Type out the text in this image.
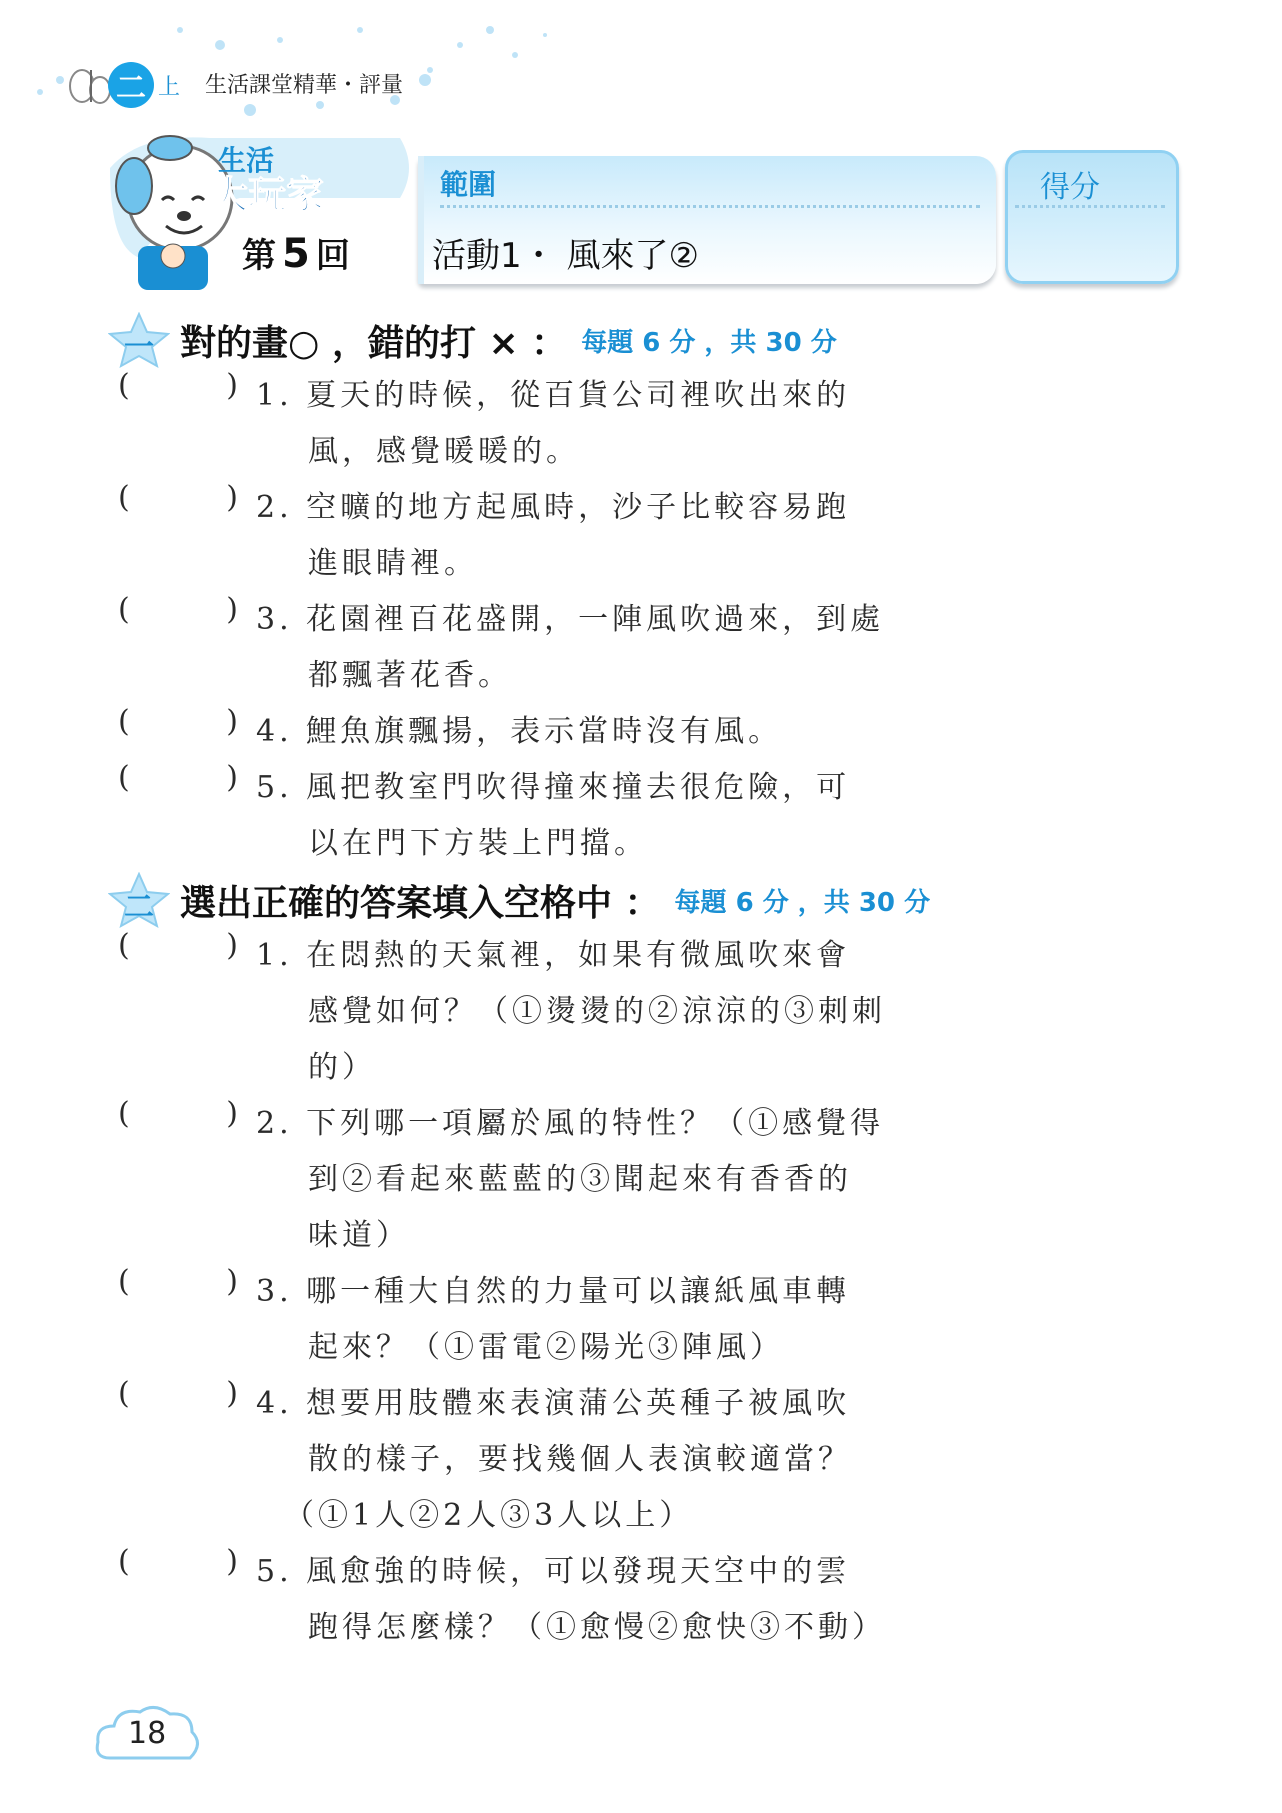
二 上 生活課堂精華・評量
生活
大玩家
第 5 回
範圍
活動1・ 風來了②
得分
一 對的畫○ ，錯的打 × ： 每題 6 分 ，共 30 分
(	) 1. 夏天的時候，從百貨公司裡吹出來的
風，感覺暖暖的。
(	) 2. 空曠的地方起風時，沙子比較容易跑
進眼睛裡。
(	) 3. 花園裡百花盛開，一陣風吹過來，到處
都飄著花香。
(	) 4. 鯉魚旗飄揚，表示當時沒有風。
(	) 5. 風把教室門吹得撞來撞去很危險，可
以在門下方裝上門擋。
二 選出正確的答案填入空格中 ： 每題 6 分 ，共 30 分
(	) 1. 在悶熱的天氣裡，如果有微風吹來會
感覺如何？（①燙燙的②涼涼的③刺刺
的）
(	) 2. 下列哪一項屬於風的特性？（①感覺得
到②看起來藍藍的③聞起來有香香的
味道）
(	) 3. 哪一種大自然的力量可以讓紙風車轉
起來？（①雷電②陽光③陣風）
(	) 4. 想要用肢體來表演蒲公英種子被風吹
散的樣子，要找幾個人表演較適當？
（①1人②2人③3人以上）
(	) 5. 風愈強的時候，可以發現天空中的雲
跑得怎麼樣？（①愈慢②愈快③不動）
18
